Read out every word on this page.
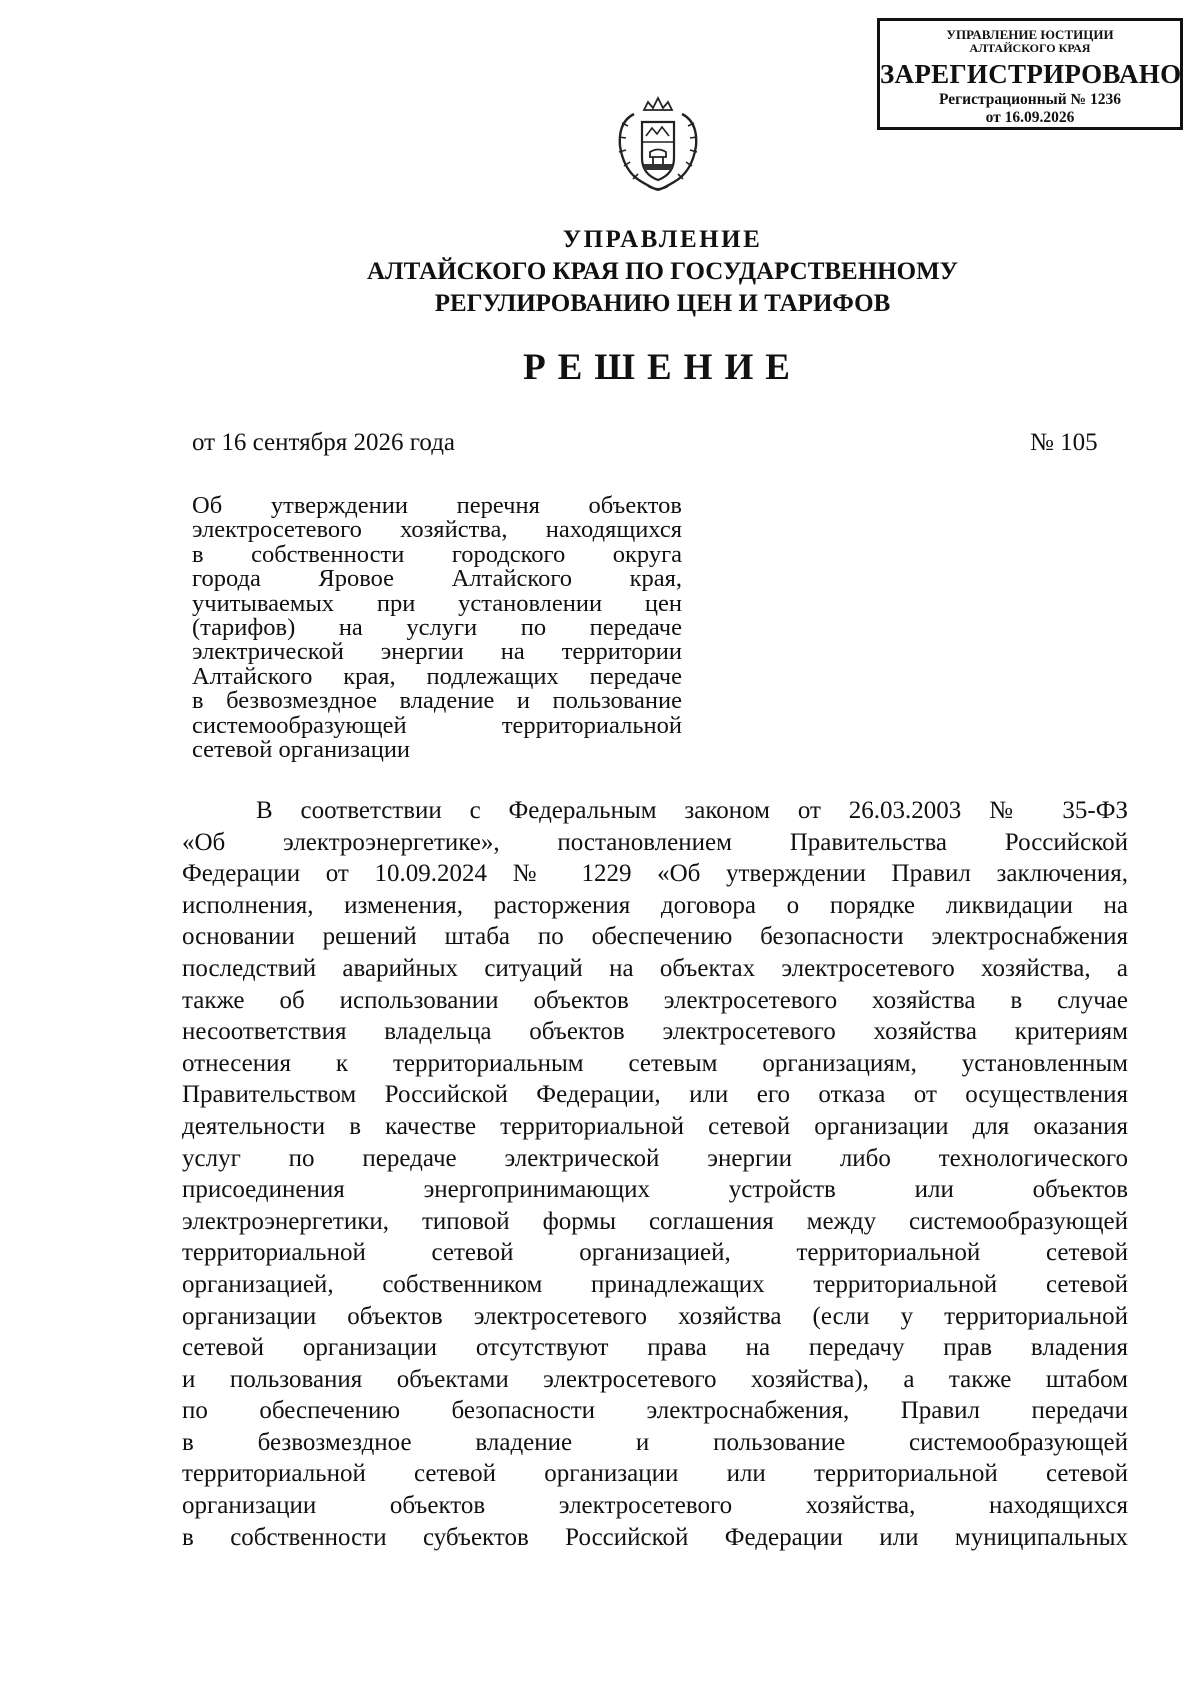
УПРАВЛЕНИЕ ЮСТИЦИИ
АЛТАЙСКОГО КРАЯ
ЗАРЕГИСТРИРОВАНО
Регистрационный № 1236
от 16.09.2026
УПРАВЛЕНИЕ
АЛТАЙСКОГО КРАЯ ПО ГОСУДАРСТВЕННОМУ
РЕГУЛИРОВАНИЮ ЦЕН И ТАРИФОВ
РЕШЕНИЕ
от 16 сентября 2026 года	№ 105
Об утверждении перечня объектов
электросетевого хозяйства, находящихся
в собственности городского округа
города Яровое Алтайского края,
учитываемых при установлении цен
(тарифов) на услуги по передаче
электрической энергии на территории
Алтайского края, подлежащих передаче
в безвозмездное владение и пользование
системообразующей территориальной
сетевой организации
В соответствии с Федеральным законом от 26.03.2003 № 35-ФЗ
«Об электроэнергетике», постановлением Правительства Российской
Федерации от 10.09.2024 № 1229 «Об утверждении Правил заключения,
исполнения, изменения, расторжения договора о порядке ликвидации на
основании решений штаба по обеспечению безопасности электроснабжения
последствий аварийных ситуаций на объектах электросетевого хозяйства, а
также об использовании объектов электросетевого хозяйства в случае
несоответствия владельца объектов электросетевого хозяйства критериям
отнесения к территориальным сетевым организациям, установленным
Правительством Российской Федерации, или его отказа от осуществления
деятельности в качестве территориальной сетевой организации для оказания
услуг по передаче электрической энергии либо технологического
присоединения энергопринимающих устройств или объектов
электроэнергетики, типовой формы соглашения между системообразующей
территориальной сетевой организацией, территориальной сетевой
организацией, собственником принадлежащих территориальной сетевой
организации объектов электросетевого хозяйства (если у территориальной
сетевой организации отсутствуют права на передачу прав владения
и пользования объектами электросетевого хозяйства), а также штабом
по обеспечению безопасности электроснабжения, Правил передачи
в безвозмездное владение и пользование системообразующей
территориальной сетевой организации или территориальной сетевой
организации объектов электросетевого хозяйства, находящихся
в собственности субъектов Российской Федерации или муниципальных
